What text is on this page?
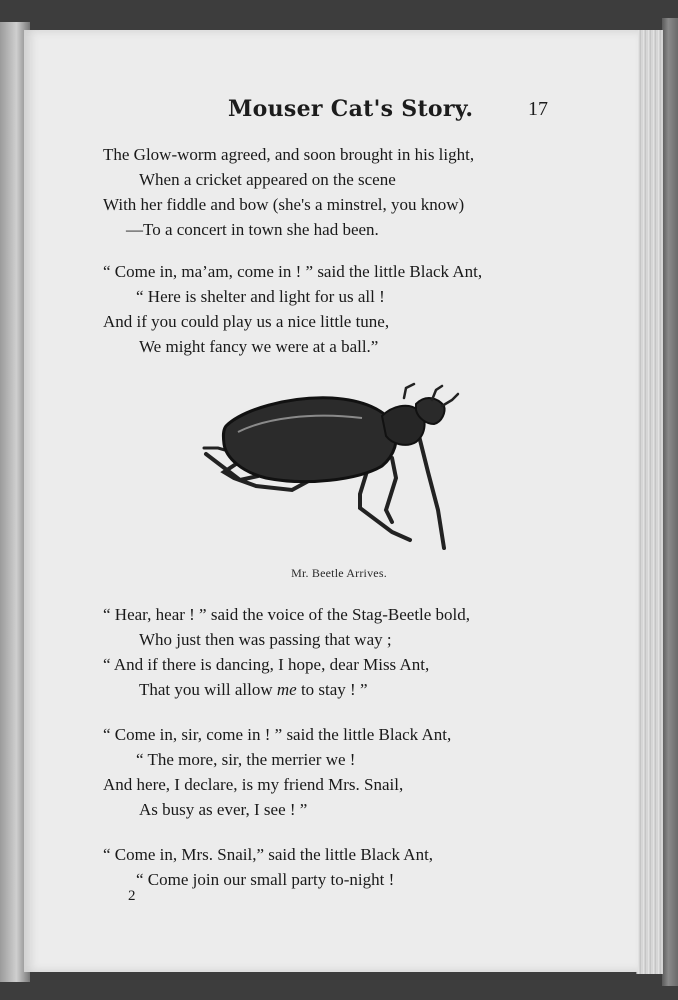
Mouser Cat's Story.	17
The Glow-worm agreed, and soon brought in his light,
When a cricket appeared on the scene
With her fiddle and bow (she's a minstrel, you know)
—To a concert in town she had been.
“ Come in, ma’am, come in ! ” said the little Black Ant,
“ Here is shelter and light for us all !
And if you could play us a nice little tune,
We might fancy we were at a ball.”
“ Hear, hear ! ” said the voice of the Stag-Beetle bold,
Who just then was passing that way ;
“ And if there is dancing, I hope, dear Miss Ant,
That you will allow me to stay ! ”
“ Come in, sir, come in ! ” said the little Black Ant,
“ The more, sir, the merrier we !
And here, I declare, is my friend Mrs. Snail,
As busy as ever, I see ! ”
“ Come in, Mrs. Snail,” said the little Black Ant,
“ Come join our small party to-night !
Mr. Beetle Arrives.
2
